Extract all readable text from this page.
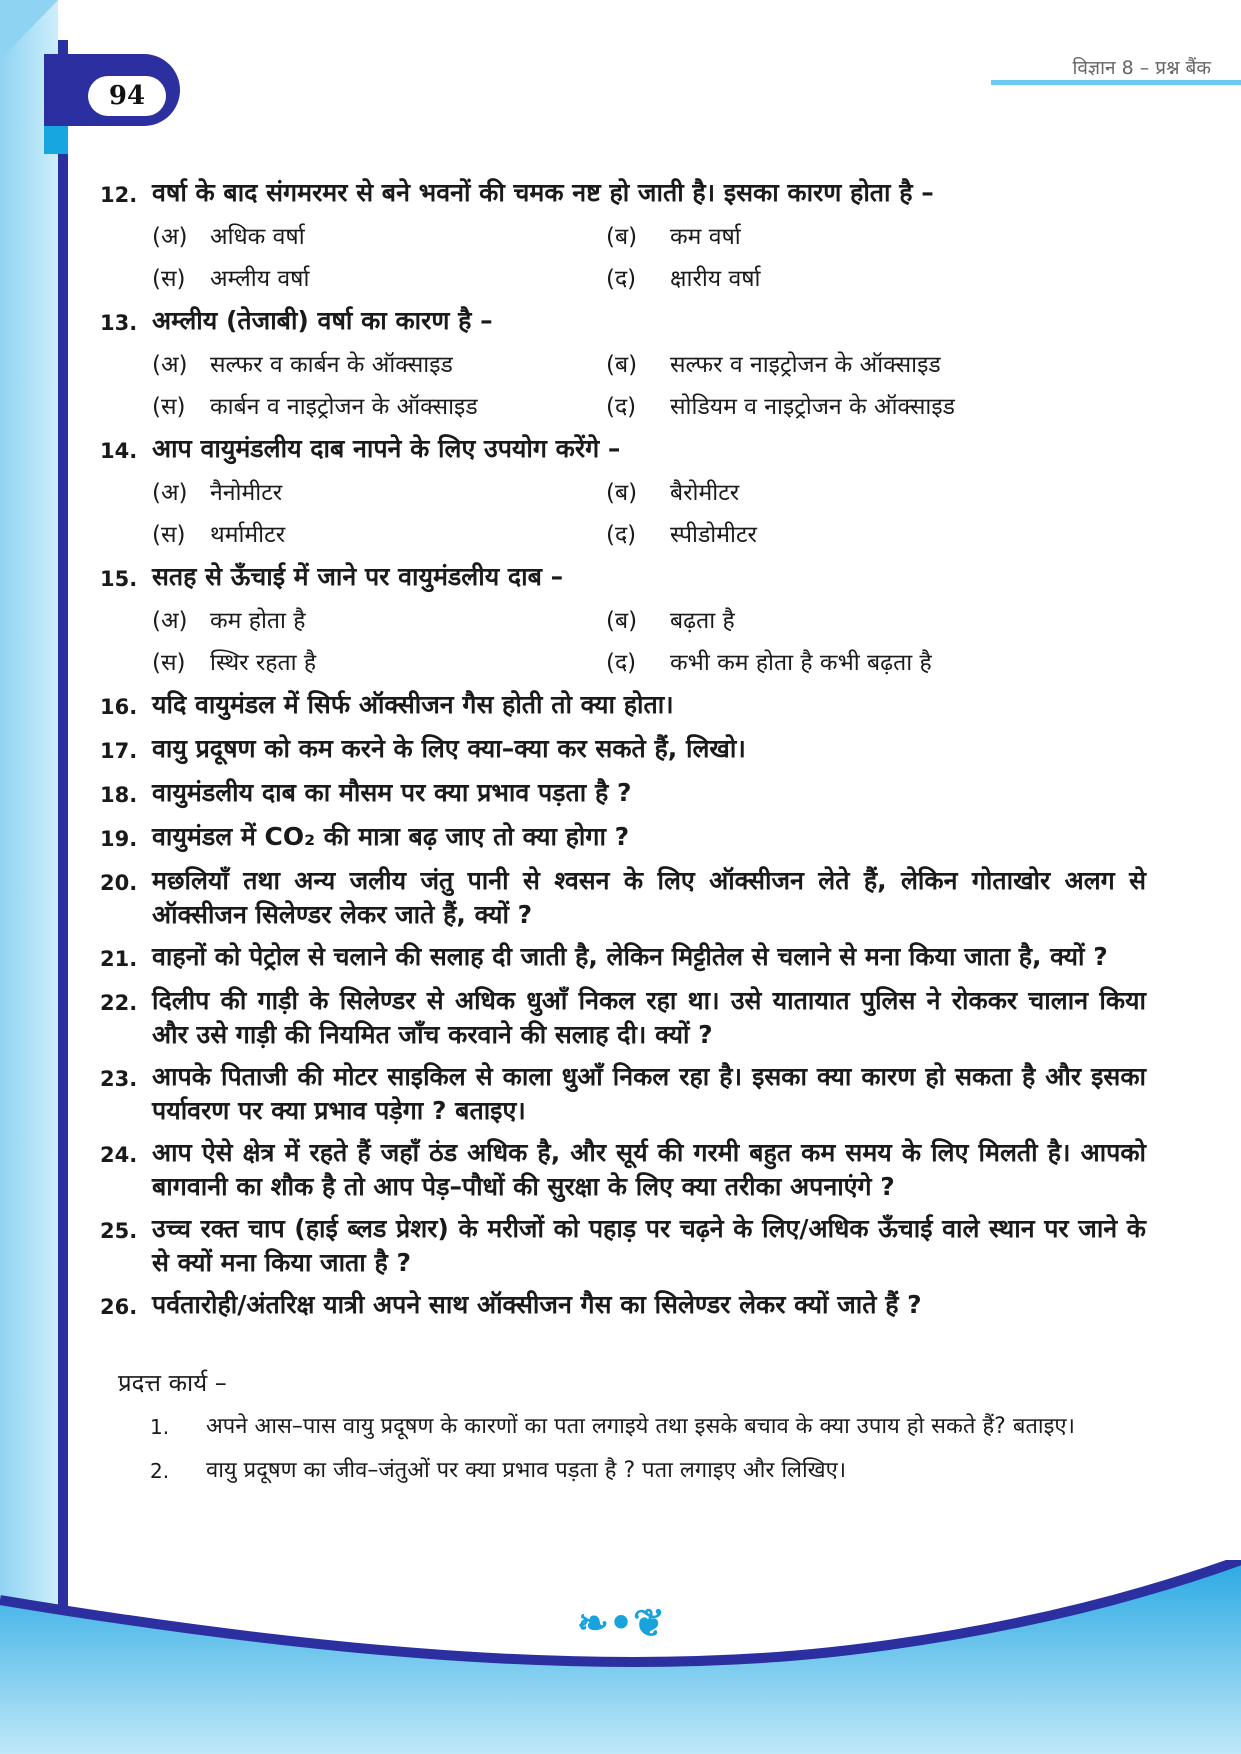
94
विज्ञान 8 – प्रश्न बैंक
12. वर्षा के बाद संगमरमर से बने भवनों की चमक नष्ट हो जाती है। इसका कारण होता है –
(अ) अधिक वर्षा	(ब)	कम वर्षा
(स)	अम्लीय वर्षा	(द)	क्षारीय वर्षा
13. अम्लीय (तेजाबी) वर्षा का कारण है –
(अ) सल्फर व कार्बन के ऑक्साइड	(ब)	सल्फर व नाइट्रोजन के ऑक्साइड
(स)	कार्बन व नाइट्रोजन के ऑक्साइड	(द)	सोडियम व नाइट्रोजन के ऑक्साइड
14. आप वायुमंडलीय दाब नापने के लिए उपयोग करेंगे –
(अ) नैनोमीटर	(ब)	बैरोमीटर
(स)	थर्मामीटर	(द)	स्पीडोमीटर
15. सतह से ऊँचाई में जाने पर वायुमंडलीय दाब –
(अ) कम होता है	(ब)	बढ़ता है
(स)	स्थिर रहता है	(द)	कभी कम होता है कभी बढ़ता है
16. यदि वायुमंडल में सिर्फ ऑक्सीजन गैस होती तो क्या होता।
17. वायु प्रदूषण को कम करने के लिए क्या–क्या कर सकते हैं, लिखो।
18. वायुमंडलीय दाब का मौसम पर क्या प्रभाव पड़ता है ?
19. वायुमंडल में CO₂ की मात्रा बढ़ जाए तो क्या होगा ?
20. मछलियाँ तथा अन्य जलीय जंतु पानी से श्वसन के लिए ऑक्सीजन लेते हैं, लेकिन गोताखोर अलग से ऑक्सीजन सिलेण्डर लेकर जाते हैं, क्यों ?
21. वाहनों को पेट्रोल से चलाने की सलाह दी जाती है, लेकिन मिट्टीतेल से चलाने से मना किया जाता है, क्यों ?
22. दिलीप की गाड़ी के सिलेण्डर से अधिक धुआँ निकल रहा था। उसे यातायात पुलिस ने रोककर चालान किया और उसे गाड़ी की नियमित जाँच करवाने की सलाह दी। क्यों ?
23. आपके पिताजी की मोटर साइकिल से काला धुआँ निकल रहा है। इसका क्या कारण हो सकता है और इसका पर्यावरण पर क्या प्रभाव पड़ेगा ? बताइए।
24. आप ऐसे क्षेत्र में रहते हैं जहाँ ठंड अधिक है, और सूर्य की गरमी बहुत कम समय के लिए मिलती है। आपको बागवानी का शौक है तो आप पेड़–पौधों की सुरक्षा के लिए क्या तरीका अपनाएंगे ?
25. उच्च रक्त चाप (हाई ब्लड प्रेशर) के मरीजों को पहाड़ पर चढ़ने के लिए/अधिक ऊँचाई वाले स्थान पर जाने के से क्यों मना किया जाता है ?
26. पर्वतारोही/अंतरिक्ष यात्री अपने साथ ऑक्सीजन गैस का सिलेण्डर लेकर क्यों जाते हैं ?
प्रदत्त कार्य –
1.	अपने आस–पास वायु प्रदूषण के कारणों का पता लगाइये तथा इसके बचाव के क्या उपाय हो सकते हैं? बताइए।
2.	वायु प्रदूषण का जीव–जंतुओं पर क्या प्रभाव पड़ता है ? पता लगाइए और लिखिए।
❧•❦
